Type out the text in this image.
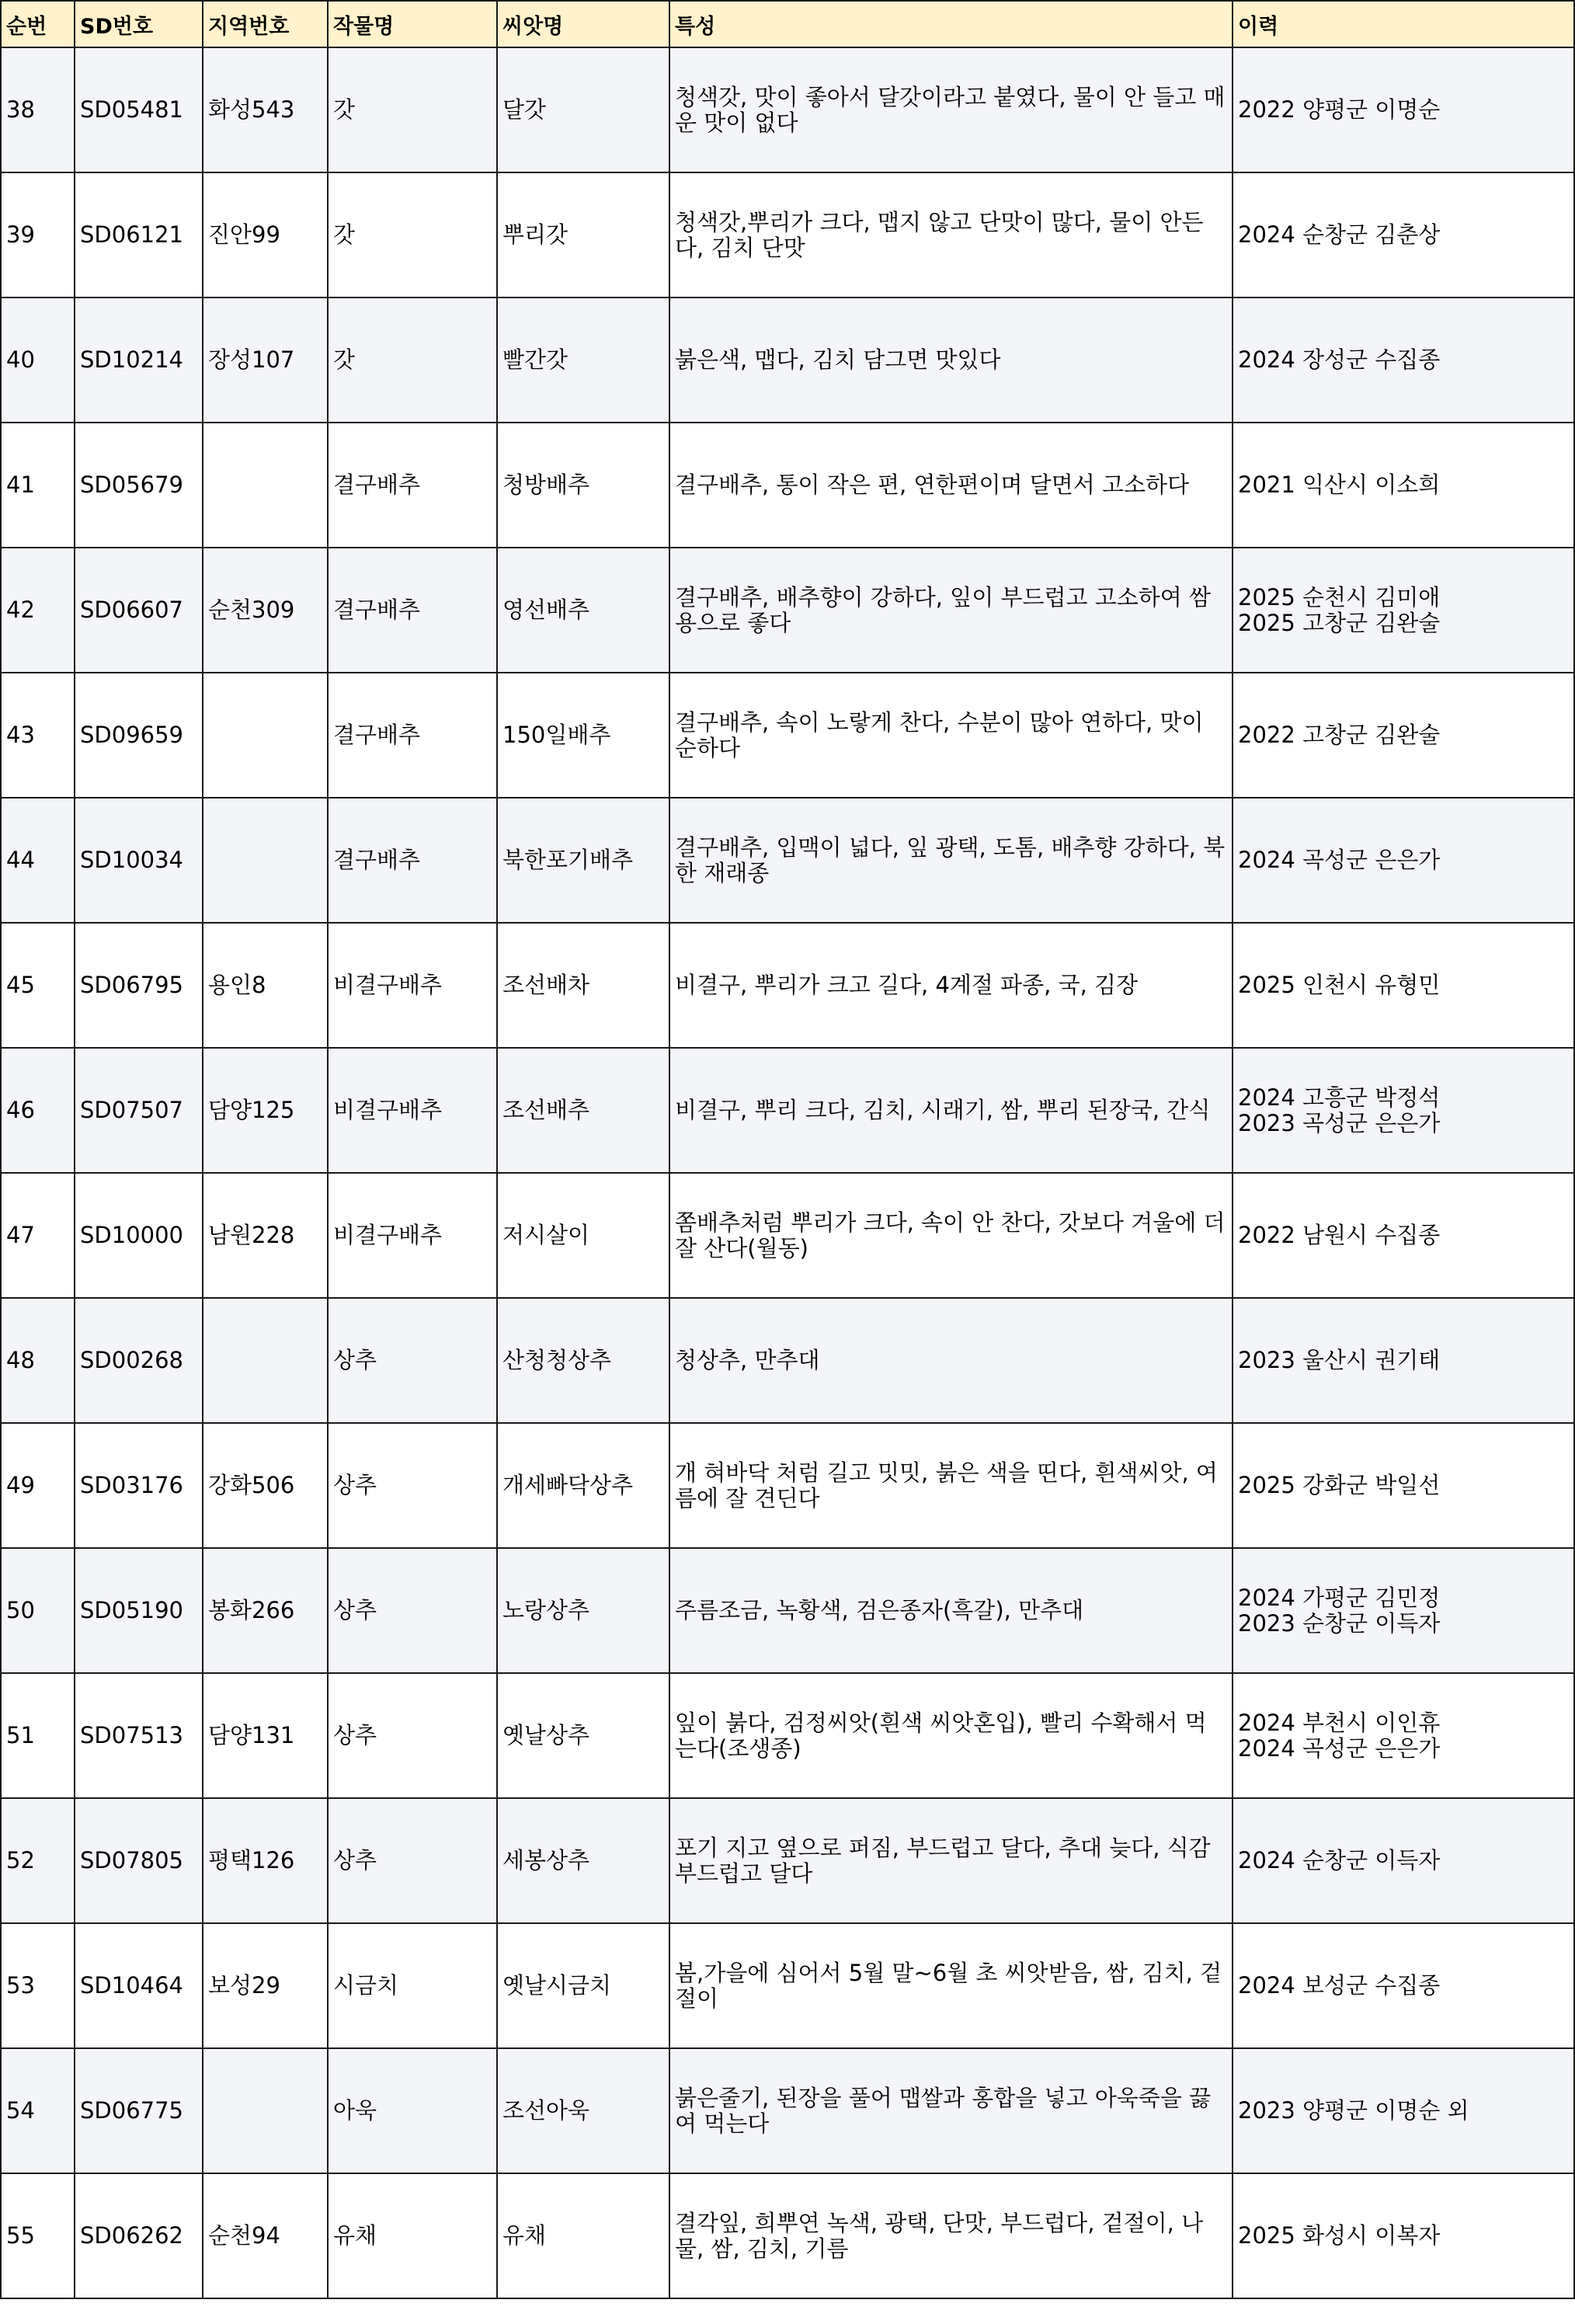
순번	SD번호	지역번호	작물명	씨앗명	특성	이력
38	SD05481	화성543	갓	달갓	청색갓, 맛이 좋아서 달갓이라고 붙였다, 물이 안 들고 매운 맛이 없다	2022 양평군 이명순
39	SD06121	진안99	갓	뿌리갓	청색갓,뿌리가 크다, 맵지 않고 단맛이 많다, 물이 안든다, 김치 단맛	2024 순창군 김춘상
40	SD10214	장성107	갓	빨간갓	붉은색, 맵다, 김치 담그면 맛있다	2024 장성군 수집종
41	SD05679		결구배추	청방배추	결구배추, 통이 작은 편, 연한편이며 달면서 고소하다	2021 익산시 이소희
42	SD06607	순천309	결구배추	영선배추	결구배추, 배추향이 강하다, 잎이 부드럽고 고소하여 쌈용으로 좋다	2025 순천시 김미애
2025 고창군 김완술
43	SD09659		결구배추	150일배추	결구배추, 속이 노랗게 찬다, 수분이 많아 연하다, 맛이 순하다	2022 고창군 김완술
44	SD10034		결구배추	북한포기배추	결구배추, 입맥이 넓다, 잎 광택, 도톰, 배추향 강하다, 북한 재래종	2024 곡성군 은은가
45	SD06795	용인8	비결구배추	조선배차	비결구, 뿌리가 크고 길다, 4계절 파종, 국, 김장	2025 인천시 유형민
46	SD07507	담양125	비결구배추	조선배추	비결구, 뿌리 크다, 김치, 시래기, 쌈, 뿌리 된장국, 간식	2024 고흥군 박정석
2023 곡성군 은은가
47	SD10000	남원228	비결구배추	저시살이	쫌배추처럼 뿌리가 크다, 속이 안 찬다, 갓보다 겨울에 더 잘 산다(월동)	2022 남원시 수집종
48	SD00268		상추	산청청상추	청상추, 만추대	2023 울산시 권기태
49	SD03176	강화506	상추	개세빠닥상추	개 혀바닥 처럼 길고 밋밋, 붉은 색을 띤다, 흰색씨앗, 여름에 잘 견딘다	2025 강화군 박일선
50	SD05190	봉화266	상추	노랑상추	주름조금, 녹황색, 검은종자(흑갈), 만추대	2024 가평군 김민정
2023 순창군 이득자
51	SD07513	담양131	상추	옛날상추	잎이 붉다, 검정씨앗(흰색 씨앗혼입), 빨리 수확해서 먹는다(조생종)	2024 부천시 이인휴
2024 곡성군 은은가
52	SD07805	평택126	상추	세봉상추	포기 지고 옆으로 퍼짐, 부드럽고 달다, 추대 늦다, 식감 부드럽고 달다	2024 순창군 이득자
53	SD10464	보성29	시금치	옛날시금치	봄,가을에 심어서 5월 말~6월 초 씨앗받음, 쌈, 김치, 겉절이	2024 보성군 수집종
54	SD06775		아욱	조선아욱	붉은줄기, 된장을 풀어 맵쌀과 홍합을 넣고 아욱죽을 끓여 먹는다	2023 양평군 이명순 외
55	SD06262	순천94	유채	유채	결각잎, 희뿌연 녹색, 광택, 단맛, 부드럽다, 겉절이, 나물, 쌈, 김치, 기름	2025 화성시 이복자
